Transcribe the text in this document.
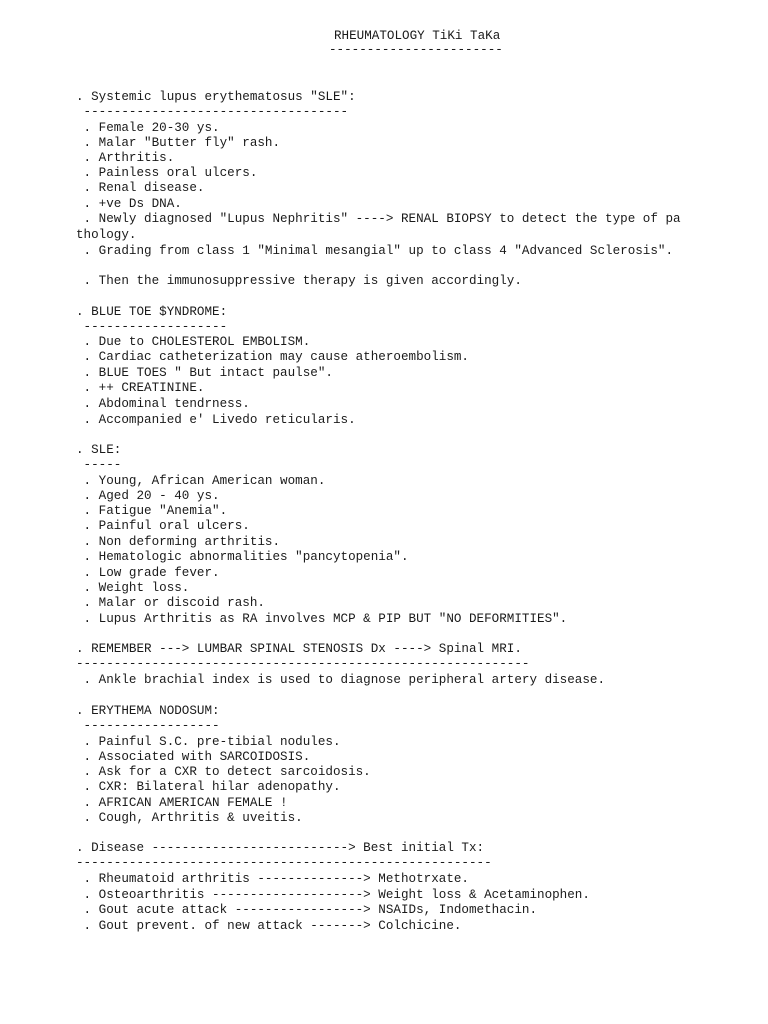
RHEUMATOLOGY TiKi TaKa
-----------------------
. Systemic lupus erythematosus "SLE":
-----------------------------------
. Female 20-30 ys.
. Malar "Butter fly" rash.
. Arthritis.
. Painless oral ulcers.
. Renal disease.
. +ve Ds DNA.
. Newly diagnosed "Lupus Nephritis" ----> RENAL BIOPSY to detect the type of pa
thology.
. Grading from class 1 "Minimal mesangial" up to class 4 "Advanced Sclerosis".
. Then the immunosuppressive therapy is given accordingly.
. BLUE TOE $YNDROME:
-------------------
. Due to CHOLESTEROL EMBOLISM.
. Cardiac catheterization may cause atheroembolism.
. BLUE TOES " But intact paulse".
. ++ CREATININE.
. Abdominal tendrness.
. Accompanied e' Livedo reticularis.
. SLE:
-----
. Young, African American woman.
. Aged 20 - 40 ys.
. Fatigue "Anemia".
. Painful oral ulcers.
. Non deforming arthritis.
. Hematologic abnormalities "pancytopenia".
. Low grade fever.
. Weight loss.
. Malar or discoid rash.
. Lupus Arthritis as RA involves MCP & PIP BUT "NO DEFORMITIES".
. REMEMBER ---> LUMBAR SPINAL STENOSIS Dx ----> Spinal MRI.
------------------------------------------------------------
. Ankle brachial index is used to diagnose peripheral artery disease.
. ERYTHEMA NODOSUM:
------------------
. Painful S.C. pre-tibial nodules.
. Associated with SARCOIDOSIS.
. Ask for a CXR to detect sarcoidosis.
. CXR: Bilateral hilar adenopathy.
. AFRICAN AMERICAN FEMALE !
. Cough, Arthritis & uveitis.
. Disease --------------------------> Best initial Tx:
-------------------------------------------------------
. Rheumatoid arthritis --------------> Methotrxate.
. Osteoarthritis --------------------> Weight loss & Acetaminophen.
. Gout acute attack -----------------> NSAIDs, Indomethacin.
. Gout prevent. of new attack -------> Colchicine.
